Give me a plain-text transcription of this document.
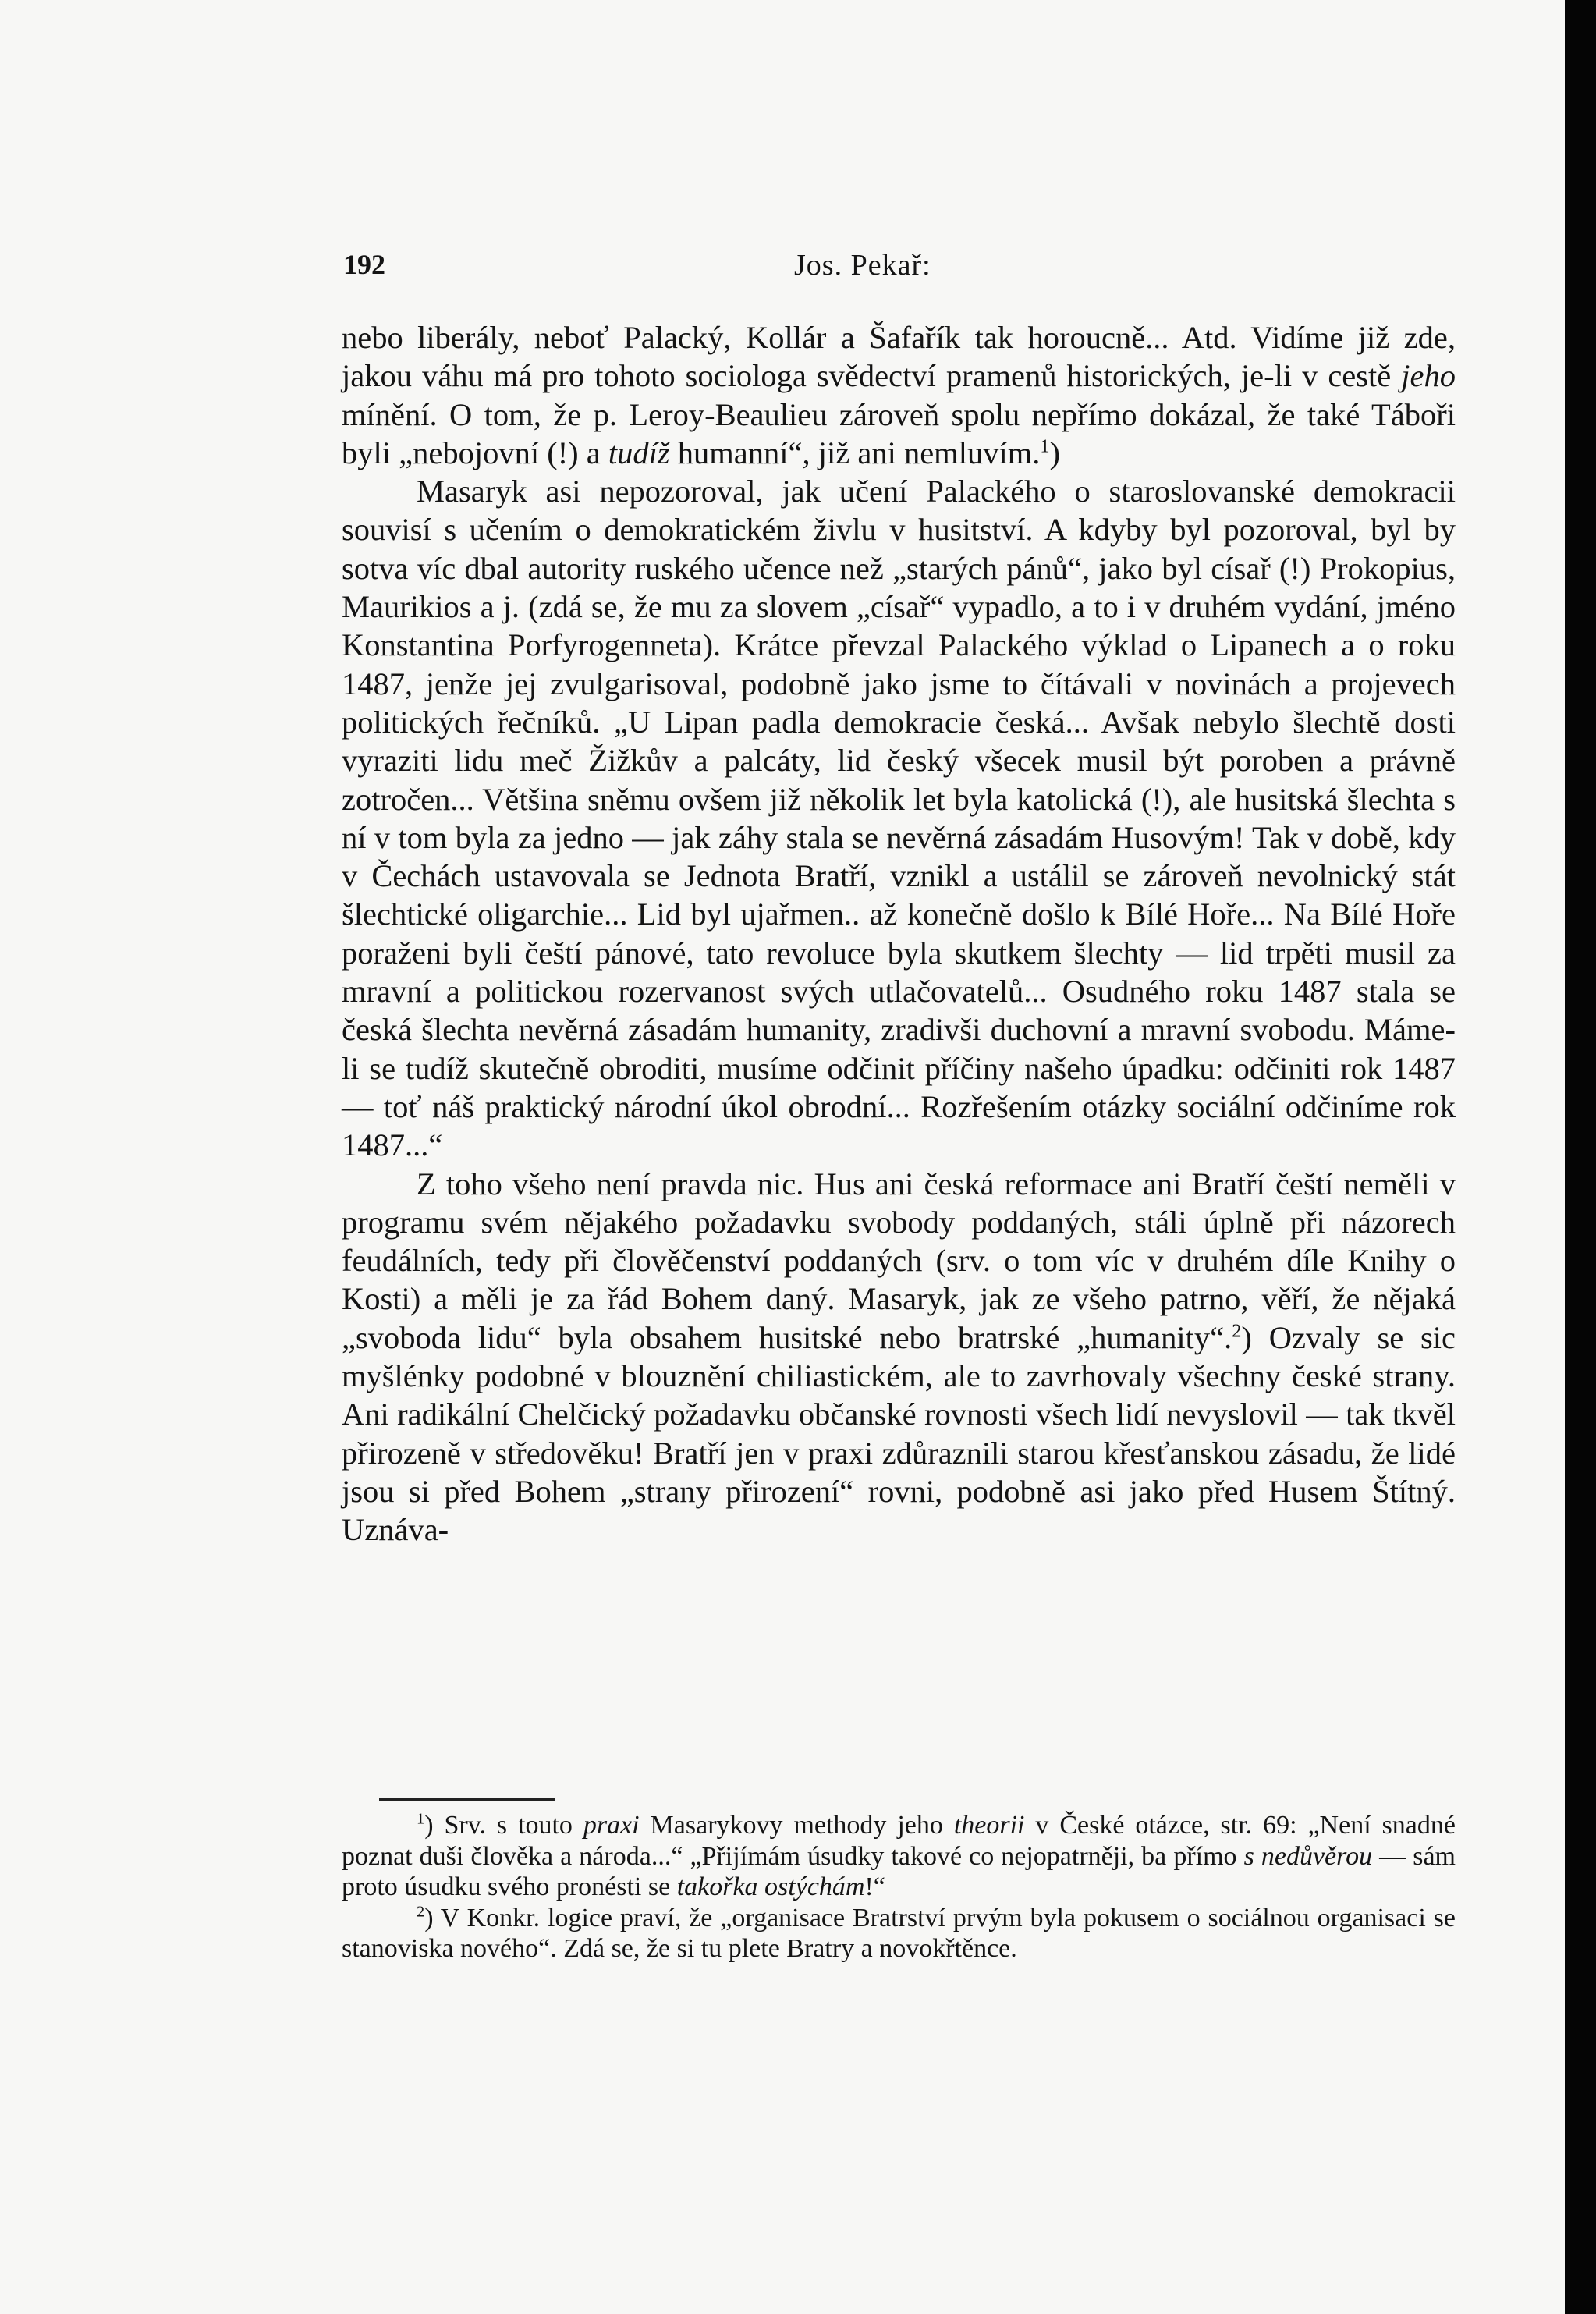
192	Jos. Pekař:

nebo liberály, neboť Palacký, Kollár a Šafařík tak horoucně... Atd. Vidíme již zde, jakou váhu má pro tohoto sociologa svědectví pramenů historických, je-li v cestě jeho mínění. O tom, že p. Leroy-Beaulieu zároveň spolu nepřímo dokázal, že také Táboři byli „nebojovní (!) a tudíž humanní“, již ani nemluvím.$^1$)

Masaryk asi nepozoroval, jak učení Palackého o staroslovanské demokracii souvisí s učením o demokratickém živlu v husitství. A kdyby byl pozoroval, byl by sotva víc dbal autority ruského učence než „starých pánů“, jako byl císař (!) Prokopius, Maurikios a j. (zdá se, že mu za slovem „císař“ vypadlo, a to i v druhém vydání, jméno Konstantina Porfyrogenneta). Krátce převzal Palackého výklad o Lipanech a o roku 1487, jenže jej zvulgarisoval, podobně jako jsme to čítávali v novinách a projevech politických řečníků. „U Lipan padla demokracie česká... Avšak nebylo šlechtě dosti vyraziti lidu meč Žižkův a palcáty, lid český všecek musil být poroben a právně zotročen... Většina sněmu ovšem již několik let byla katolická (!), ale husitská šlechta s ní v tom byla za jedno — jak záhy stala se nevěrná zásadám Husovým! Tak v době, kdy v Čechách ustavovala se Jednota Bratří, vznikl a ustálil se zároveň nevolnický stát šlechtické oligarchie... Lid byl ujařmen.. až konečně došlo k Bílé Hoře... Na Bílé Hoře poraženi byli čeští pánové, tato revoluce byla skutkem šlechty — lid trpěti musil za mravní a politickou rozervanost svých utlačovatelů... Osudného roku 1487 stala se česká šlechta nevěrná zásadám humanity, zradivši duchovní a mravní svobodu. Máme-li se tudíž skutečně obroditi, musíme odčinit příčiny našeho úpadku: odčiniti rok 1487 — toť náš praktický národní úkol obrodní... Rozřešením otázky sociální odčiníme rok 1487...“

Z toho všeho není pravda nic. Hus ani česká reformace ani Bratří čeští neměli v programu svém nějakého požadavku svobody poddaných, stáli úplně při názorech feudálních, tedy při člověčenství poddaných (srv. o tom víc v druhém díle Knihy o Kosti) a měli je za řád Bohem daný. Masaryk, jak ze všeho patrno, věří, že nějaká „svoboda lidu“ byla obsahem husitské nebo bratrské „humanity“.$^2$) Ozvaly se sic myšlénky podobné v blouznění chiliastickém, ale to zavrhovaly všechny české strany. Ani radikální Chelčický požadavku občanské rovnosti všech lidí nevyslovil — tak tkvěl přirozeně v středověku! Bratří jen v praxi zdůraznili starou křesťanskou zásadu, že lidé jsou si před Bohem „strany přirození“ rovni, podobně asi jako před Husem Štítný. Uznáva-

$^1$) Srv. s touto praxi Masarykovy methody jeho theorii v České otázce, str. 69: „Není snadné poznat duši člověka a národa...“ „Přijímám úsudky takové co nejopatrněji, ba přímo s nedůvěrou — sám proto úsudku svého pronésti se takořka ostýchám!“

$^2$) V Konkr. logice praví, že „organisace Bratrství prvým byla pokusem o sociálnou organisaci se stanoviska nového“. Zdá se, že si tu plete Bratry a novokřtěnce.
